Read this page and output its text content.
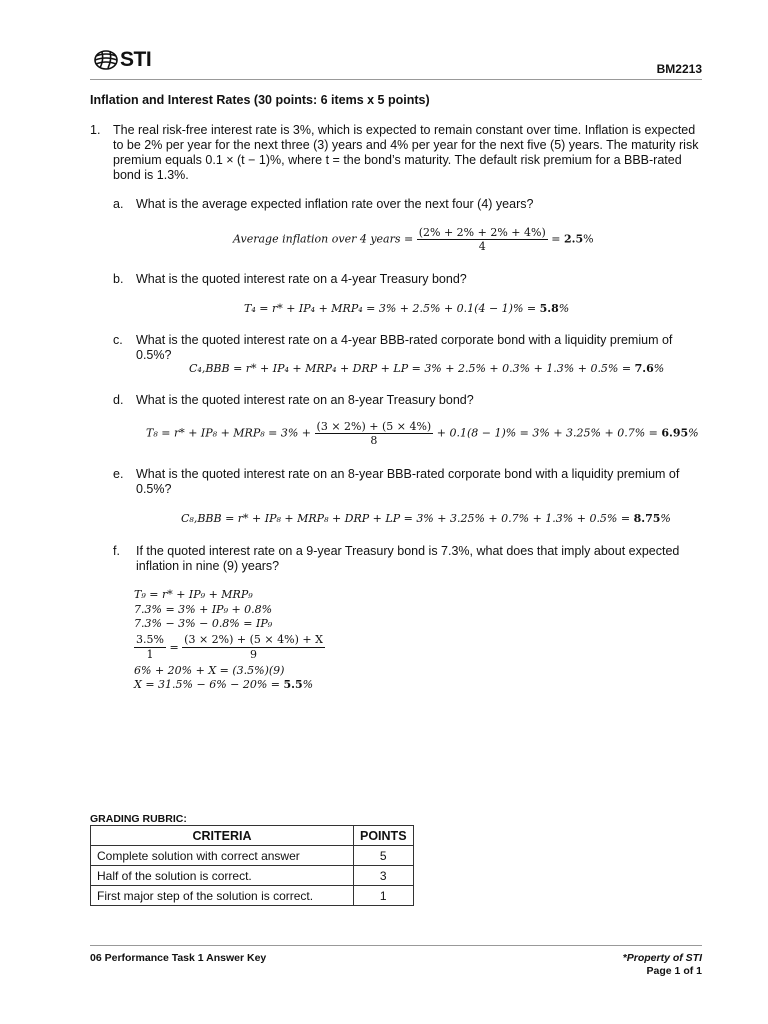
STI	BM2213
Inflation and Interest Rates (30 points: 6 items x 5 points)
1. The real risk-free interest rate is 3%, which is expected to remain constant over time. Inflation is expected
to be 2% per year for the next three (3) years and 4% per year for the next five (5) years. The maturity risk
premium equals 0.1 × (t − 1)%, where t = the bond’s maturity. The default risk premium for a BBB-rated
bond is 1.3%.
a. What is the average expected inflation rate over the next four (4) years?
Average inflation over 4 years = $\frac{(2\% + 2\% + 2\% + 4\%)}{4} = 2.5\%$
b. What is the quoted interest rate on a 4-year Treasury bond?
T₄ = r* + IP₄ + MRP₄ = 3% + 2.5% + 0.1(4 − 1)% = 5.8%
c. What is the quoted interest rate on a 4-year BBB-rated corporate bond with a liquidity premium of 0.5%?
C₄,BBB = r* + IP₄ + MRP₄ + DRP + LP = 3% + 2.5% + 0.3% + 1.3% + 0.5% = 7.6%
d. What is the quoted interest rate on an 8-year Treasury bond?
$T_8 = r* + IP_8 + MRP_8 = 3\% + \frac{(3 \times 2\%) + (5 \times 4\%)}{8} + 0.1(8 - 1)\% = 3\% + 3.25\% + 0.7\% = 6.95\%$
e. What is the quoted interest rate on an 8-year BBB-rated corporate bond with a liquidity premium of
0.5%?
C₈,BBB = r* + IP₈ + MRP₈ + DRP + LP = 3% + 3.25% + 0.7% + 1.3% + 0.5% = 8.75%
f. If the quoted interest rate on a 9-year Treasury bond is 7.3%, what does that imply about expected
inflation in nine (9) years?
T₉ = r* + IP₉ + MRP₉
7.3% = 3% + IP₉ + 0.8%
7.3% − 3% − 0.8% = IP₉
$\frac{3.5\%}{1} = \frac{(3 \times 2\%) + (5 \times 4\%) + X}{9}$
6% + 20% + X = (3.5%)(9)
X = 31.5% − 6% − 20% = 5.5%
GRADING RUBRIC:
CRITERIA	POINTS
Complete solution with correct answer	5
Half of the solution is correct.	3
First major step of the solution is correct.	1
06 Performance Task 1 Answer Key	*Property of STI
Page 1 of 1
